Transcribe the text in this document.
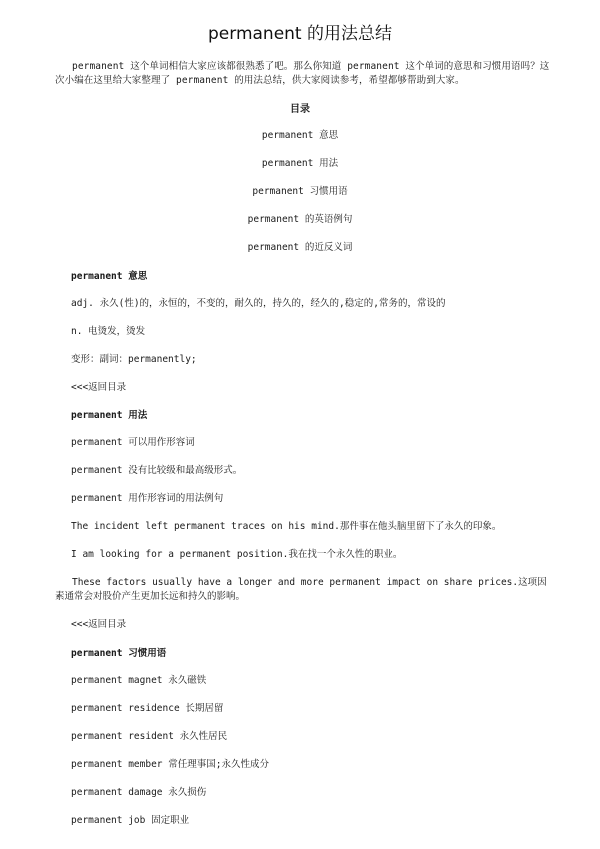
permanent 的用法总结
permanent 这个单词相信大家应该都很熟悉了吧。那么你知道 permanent 这个单词的意思和习惯用语吗？这次小编在这里给大家整理了 permanent 的用法总结，供大家阅读参考，希望都够帮助到大家。
目录
permanent 意思
permanent 用法
permanent 习惯用语
permanent 的英语例句
permanent 的近反义词
permanent 意思
adj. 永久(性)的，永恒的，不变的，耐久的，持久的，经久的,稳定的,常务的，常设的
n. 电烫发，烫发
变形：副词：permanently;
<<<返回目录
permanent 用法
permanent 可以用作形容词
permanent 没有比较级和最高级形式。
permanent 用作形容词的用法例句
The incident left permanent traces on his mind.那件事在他头脑里留下了永久的印象。
I am looking for a permanent position.我在找一个永久性的职业。
These factors usually have a longer and more permanent impact on share prices.这项因素通常会对股价产生更加长远和持久的影响。
<<<返回目录
permanent 习惯用语
permanent magnet 永久磁铁
permanent residence 长期居留
permanent resident 永久性居民
permanent member 常任理事国;永久性成分
permanent damage 永久损伤
permanent job 固定职业
